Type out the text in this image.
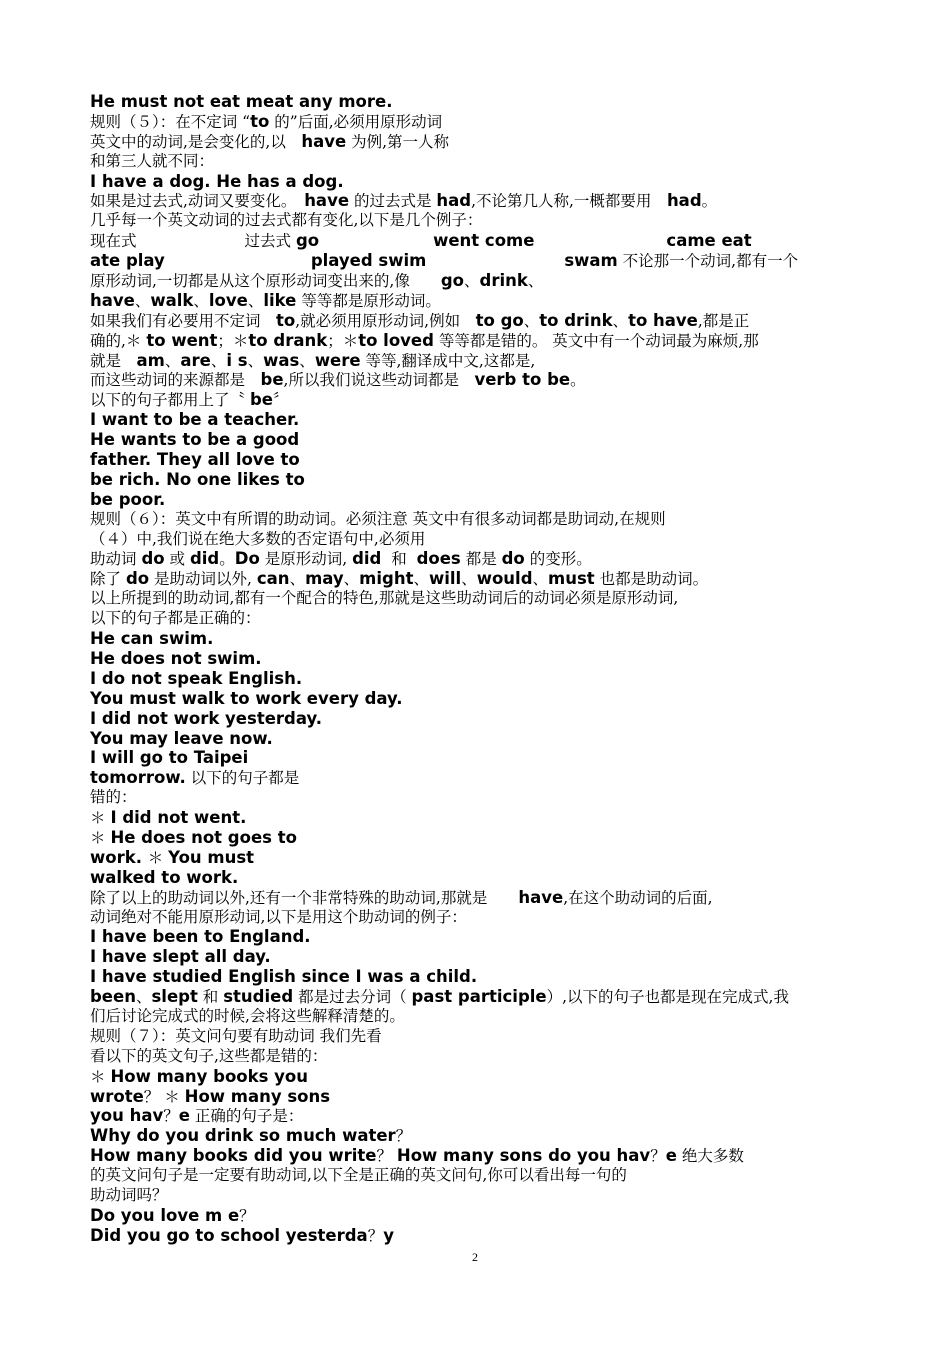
He must not eat meat any more.
规则（５）：在不定词 “to 的”后面,必须用原形动词
英文中的动词,是会变化的,以　have 为例,第一人称
和第三人就不同：
I have a dog. He has a dog.
如果是过去式,动词又要变化。　have 的过去式是 had,不论第几人称,一概都要用　had。
几乎每一个英文动词的过去式都有变化,以下是几个例子：
现在式	过去式 go	went come	came eat
ate play	played swim	swam 不论那一个动词,都有一个
原形动词,一切都是从这个原形动词变出来的,像　　go、drink、
have、walk、love、like 等等都是原形动词。
如果我们有必要用不定词　to,就必须用原形动词,例如　to go、to drink、to have,都是正
确的,＊ to went；＊to drank；＊to loved 等等都是错的。 英文中有一个动词最为麻烦,那
就是　am、are、i s、was、were 等等,翻译成中文,这都是,
而这些动词的来源都是　be,所以我们说这些动词都是　verb to be。
以下的句子都用上了〝 be〞
I want to be a teacher.
He wants to be a good
father. They all love to
be rich. No one likes to
be poor.
规则（６）：英文中有所谓的助动词。必须注意 英文中有很多动词都是助词动,在规则
（４）中,我们说在绝大多数的否定语句中,必须用
助动词 do 或 did。Do 是原形动词, did  和  does 都是 do 的变形。
除了 do 是助动词以外, can、may、might、will、would、must 也都是助动词。
以上所提到的助动词,都有一个配合的特色,那就是这些助动词后的动词必须是原形动词,
以下的句子都是正确的：
He can swim.
He does not swim.
I do not speak English.
You must walk to work every day.
I did not work yesterday.
You may leave now.
I will go to Taipei
tomorrow. 以下的句子都是
错的：
＊ I did not went.
＊ He does not goes to
work. ＊ You must
walked to work.
除了以上的助动词以外,还有一个非常特殊的助动词,那就是　　have,在这个助动词的后面,
动词绝对不能用原形动词,以下是用这个助动词的例子：
I have been to England.
I have slept all day.
I have studied English since I was a child.
been、slept 和 studied 都是过去分词（ past participle）,以下的句子也都是现在完成式,我
们后讨论完成式的时候,会将这些解释清楚的。
规则（７）：英文问句要有助动词 我们先看
看以下的英文句子,这些都是错的：
＊ How many books you
wrote？ ＊ How many sons
you hav？e 正确的句子是：
Why do you drink so much water？
How many books did you write？ How many sons do you hav？e 绝大多数
的英文问句子是一定要有助动词,以下全是正确的英文问句,你可以看出每一句的
助动词吗？
Do you love m e？
Did you go to school yesterda？y
2
